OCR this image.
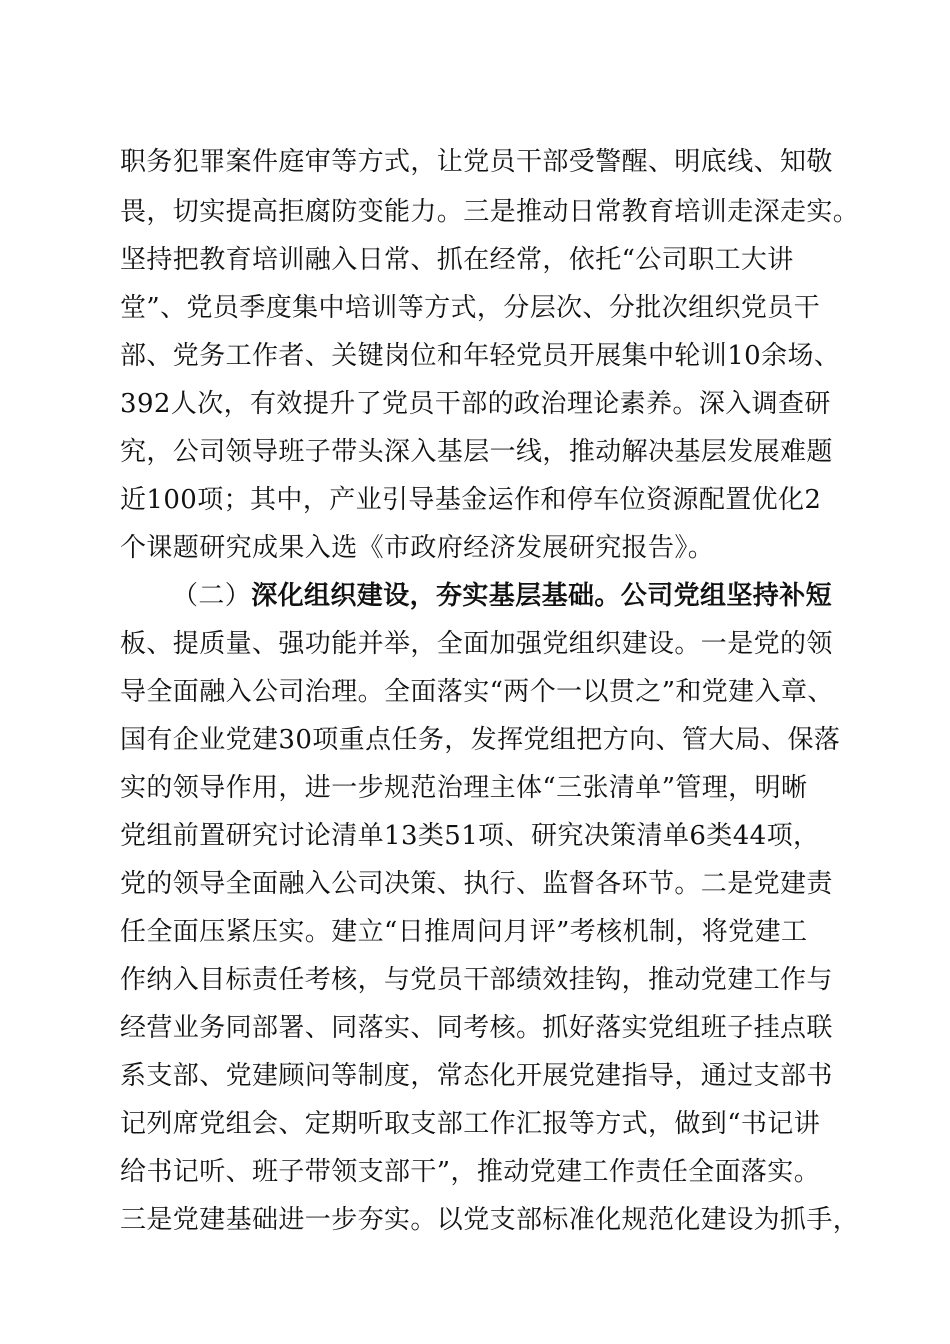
职务犯罪案件庭审等方式，让党员干部受警醒、明底线、知敬
畏，切实提高拒腐防变能力。三是推动日常教育培训走深走实。
坚持把教育培训融入日常、抓在经常，依托“公司职工大讲
堂”、党员季度集中培训等方式，分层次、分批次组织党员干
部、党务工作者、关键岗位和年轻党员开展集中轮训10余场、
392人次，有效提升了党员干部的政治理论素养。深入调查研
究，公司领导班子带头深入基层一线，推动解决基层发展难题
近100项；其中，产业引导基金运作和停车位资源配置优化2
个课题研究成果入选《市政府经济发展研究报告》。
（二）深化组织建设，夯实基层基础。公司党组坚持补短
板、提质量、强功能并举，全面加强党组织建设。一是党的领
导全面融入公司治理。全面落实“两个一以贯之”和党建入章、
国有企业党建30项重点任务，发挥党组把方向、管大局、保落
实的领导作用，进一步规范治理主体“三张清单”管理，明晰
党组前置研究讨论清单13类51项、研究决策清单6类44项，
党的领导全面融入公司决策、执行、监督各环节。二是党建责
任全面压紧压实。建立“日推周问月评”考核机制，将党建工
作纳入目标责任考核，与党员干部绩效挂钩，推动党建工作与
经营业务同部署、同落实、同考核。抓好落实党组班子挂点联
系支部、党建顾问等制度，常态化开展党建指导，通过支部书
记列席党组会、定期听取支部工作汇报等方式，做到“书记讲
给书记听、班子带领支部干”，推动党建工作责任全面落实。
三是党建基础进一步夯实。以党支部标准化规范化建设为抓手，
